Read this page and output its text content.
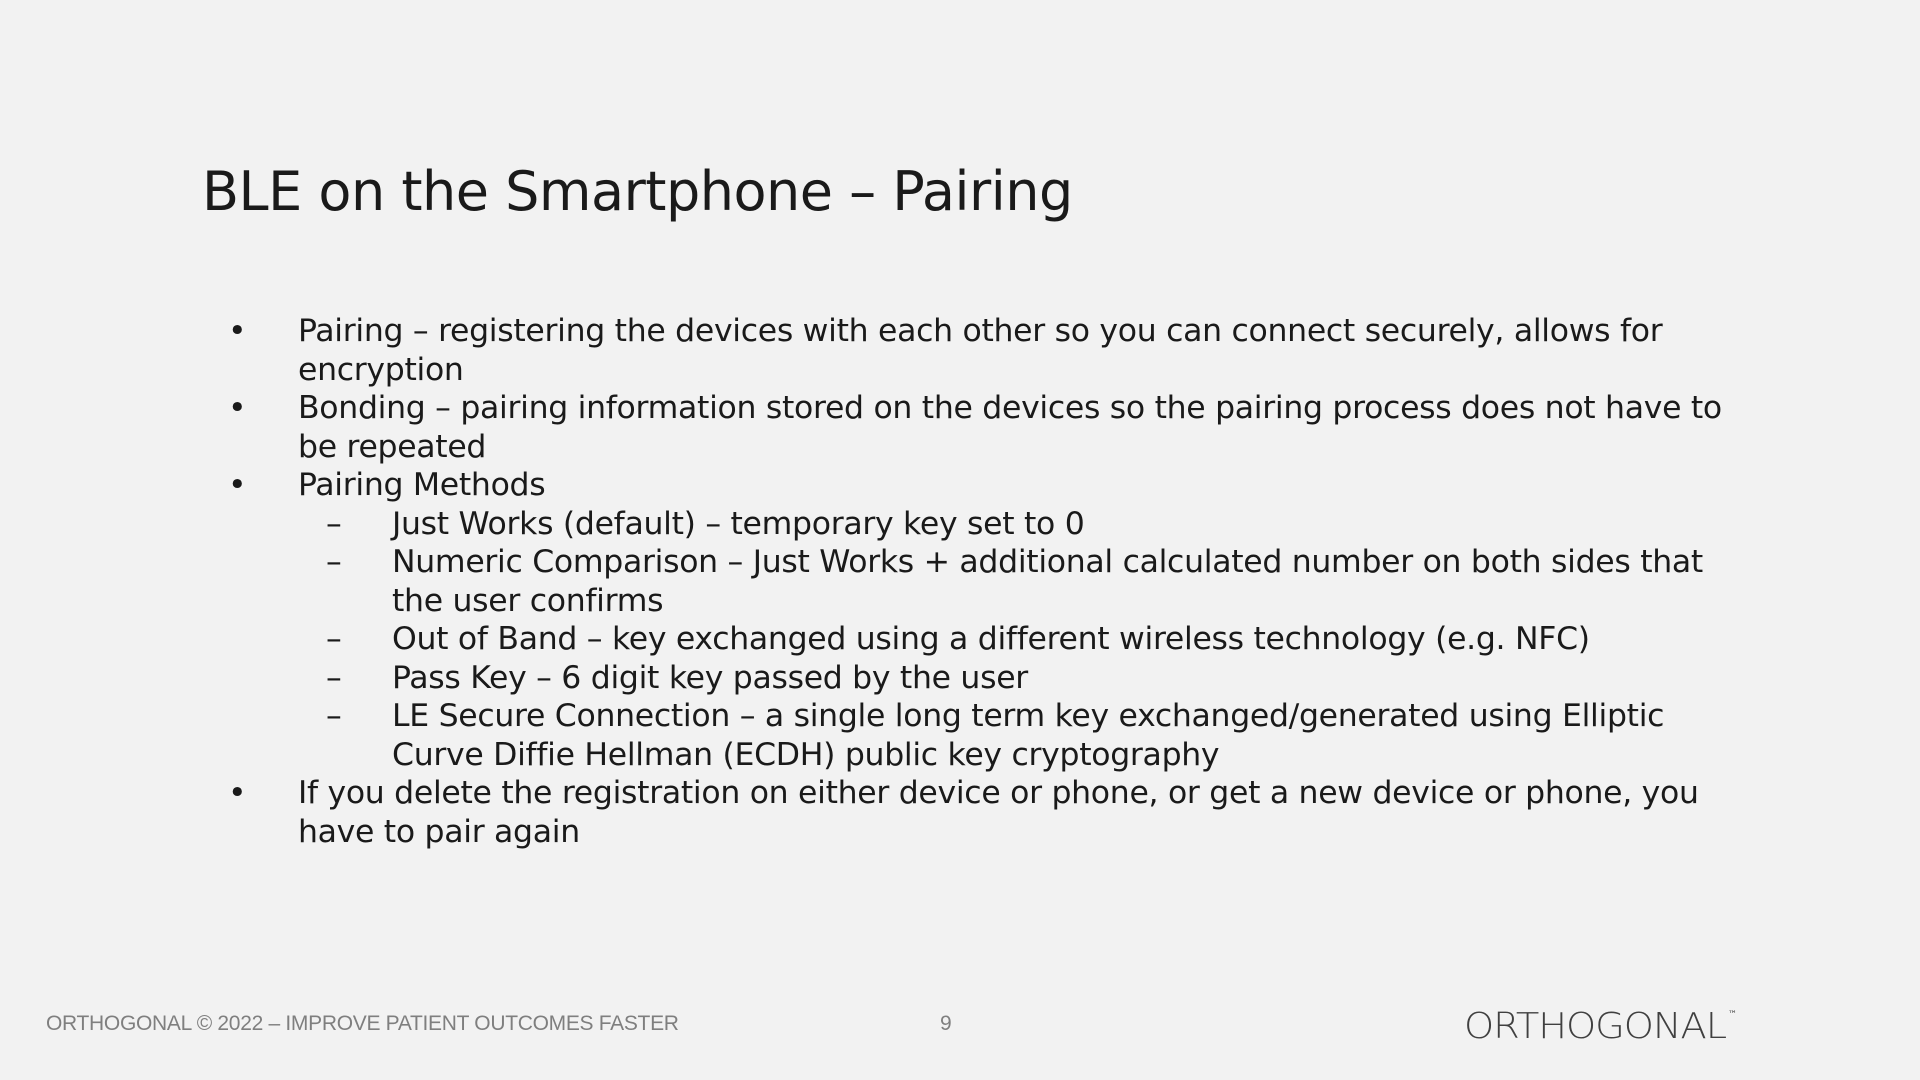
BLE on the Smartphone – Pairing
•	Pairing – registering the devices with each other so you can connect securely, allows for encryption
•	Bonding – pairing information stored on the devices so the pairing process does not have to be repeated
•	Pairing Methods
–	Just Works (default) – temporary key set to 0
–	Numeric Comparison – Just Works + additional calculated number on both sides that the user confirms
–	Out of Band – key exchanged using a different wireless technology (e.g. NFC)
–	Pass Key – 6 digit key passed by the user
–	LE Secure Connection – a single long term key exchanged/generated using Elliptic Curve Diffie Hellman (ECDH) public key cryptography
•	If you delete the registration on either device or phone, or get a new device or phone, you have to pair again
ORTHOGONAL © 2022 – IMPROVE PATIENT OUTCOMES FASTER	9	ORTHOGONAL ™
